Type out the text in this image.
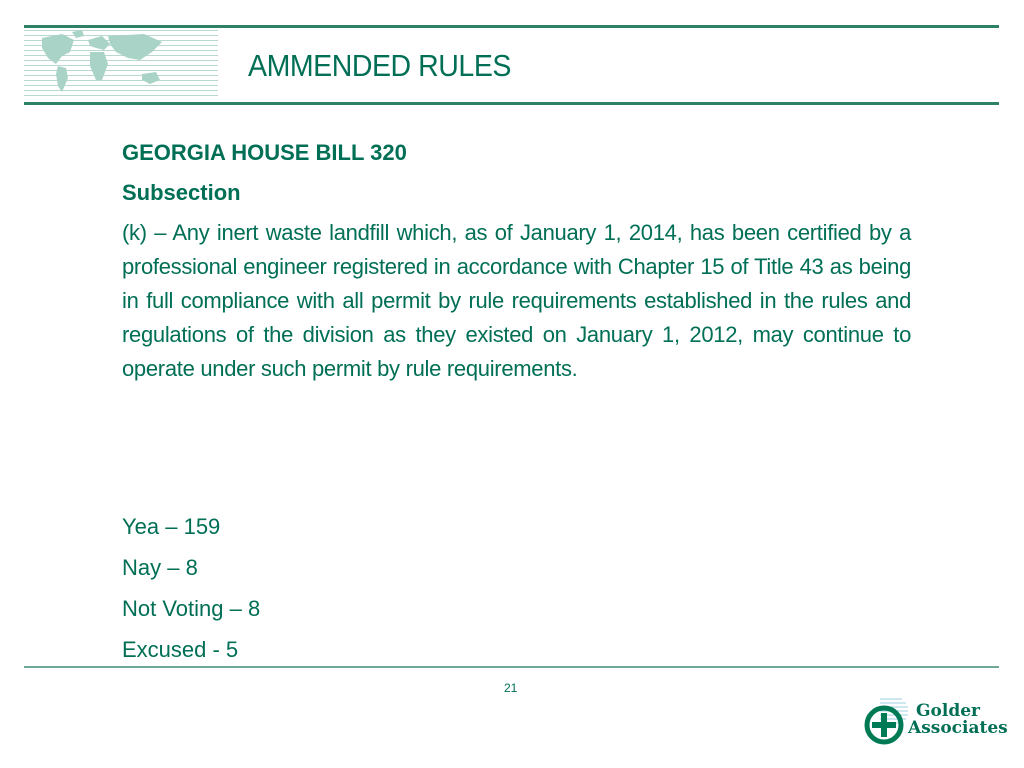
AMMENDED RULES

GEORGIA HOUSE BILL 320

Subsection

(k) – Any inert waste landfill which, as of January 1, 2014, has been certified by a professional engineer registered in accordance with Chapter 15 of Title 43 as being in full compliance with all permit by rule requirements established in the rules and regulations of the division as they existed on January 1, 2012, may continue to operate under such permit by rule requirements.

Yea – 159

Nay – 8

Not Voting – 8

Excused - 5

21
Golder
Associates
